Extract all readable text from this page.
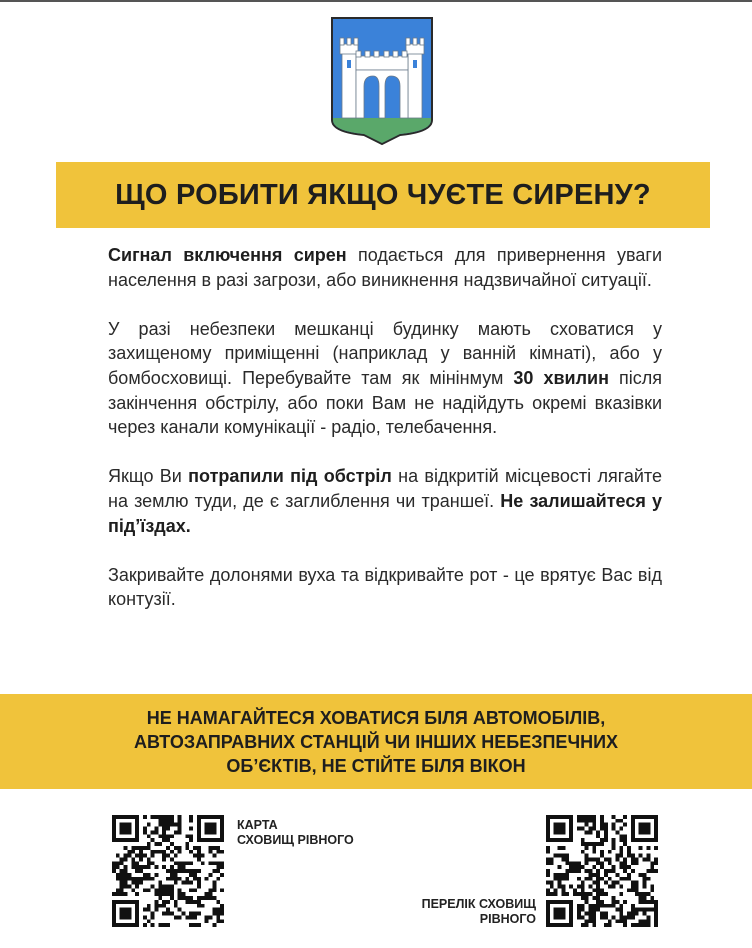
ЩО РОБИТИ ЯКЩО ЧУЄТЕ СИРЕНУ?

Сигнал включення сирен подається для привернення уваги населення в разі загрози, або виникнення надзвичайної ситуації.

У разі небезпеки мешканці будинку мають сховатися у захищеному приміщенні (наприклад у ванній кімнаті), або у бомбосховищі. Перебувайте там як мінінмум 30 хвилин після закінчення обстрілу, або поки Вам не надійдуть окремі вказівки через канали комунікації - радіо, телебачення.

Якщо Ви потрапили під обстріл на відкритій місцевості лягайте на землю туди, де є заглиблення чи траншеї. Не залишайтеся у під’їздах.

Закривайте долонями вуха та відкривайте рот - це врятує Вас від контузії.

НЕ НАМАГАЙТЕСЯ ХОВАТИСЯ БІЛЯ АВТОМОБІЛІВ,
АВТОЗАПРАВНИХ СТАНЦІЙ ЧИ ІНШИХ НЕБЕЗПЕЧНИХ
ОБ’ЄКТІВ, НЕ СТІЙТЕ БІЛЯ ВІКОН
КАРТА
СХОВИЩ РІВНОГО
ПЕРЕЛІК СХОВИЩ
РІВНОГО
